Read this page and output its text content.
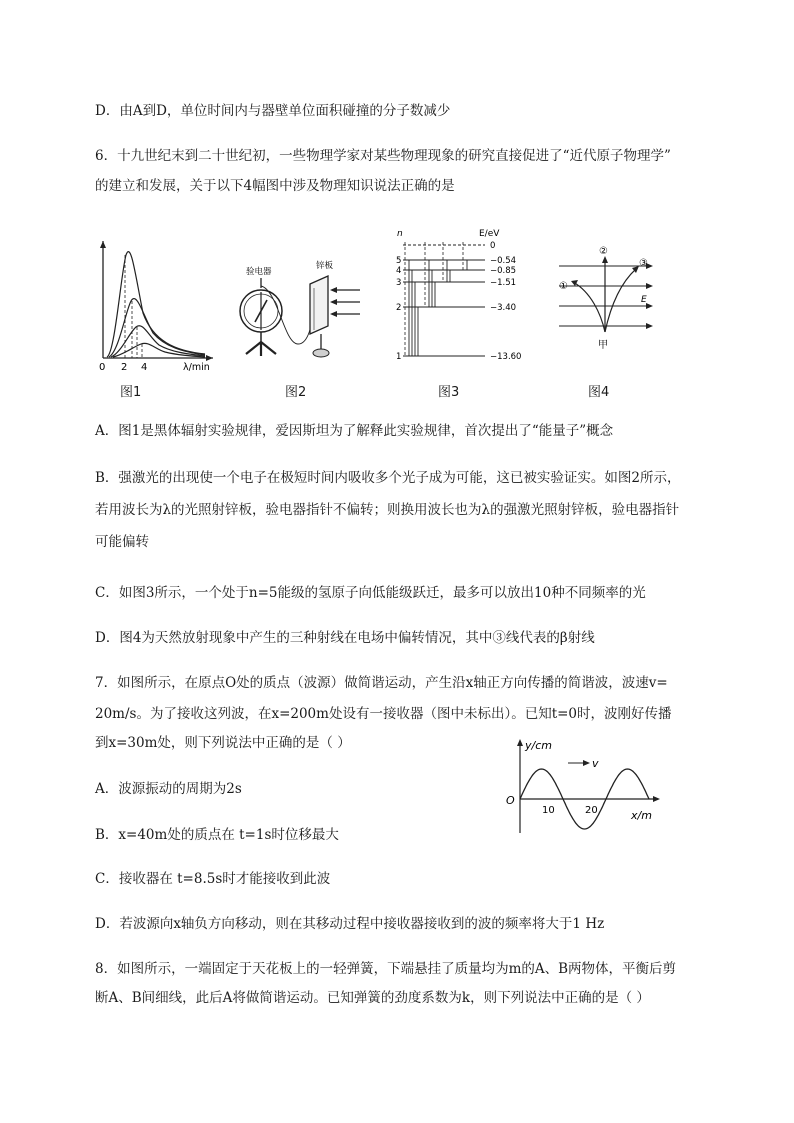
D．由A到D，单位时间内与器壁单位面积碰撞的分子数减少
6．十九世纪末到二十世纪初，一些物理学家对某些物理现象的研究直接促进了“近代原子物理学”
的建立和发展，关于以下4幅图中涉及物理知识说法正确的是
0 2 4	λ/min
图1
验电器
锌板
图2
n	E/eV
5
4
3
2
1
0
−0.54
−0.85
−1.51
−3.40
−13.60
图3
E
①
②
③
甲
图4
A．图1是黑体辐射实验规律，爱因斯坦为了解释此实验规律，首次提出了“能量子”概念
B．强激光的出现使一个电子在极短时间内吸收多个光子成为可能，这已被实验证实。如图2所示，
若用波长为λ的光照射锌板，验电器指针不偏转；则换用波长也为λ的强激光照射锌板，验电器指针
可能偏转
C．如图3所示，一个处于n=5能级的氢原子向低能级跃迁，最多可以放出10种不同频率的光
D．图4为天然放射现象中产生的三种射线在电场中偏转情况，其中③线代表的β射线
7．如图所示，在原点O处的质点（波源）做简谐运动，产生沿x轴正方向传播的简谐波，波速v=
20m/s。为了接收这列波，在x=200m处设有一接收器（图中未标出）。已知t=0时，波刚好传播
到x=30m处，则下列说法中正确的是（ ）	y/cm
x/m
O
10	20
v
A．波源振动的周期为2s
B．x=40m处的质点在 t=1s时位移最大
C．接收器在 t=8.5s时才能接收到此波
D．若波源向x轴负方向移动，则在其移动过程中接收器接收到的波的频率将大于1 Hz
8．如图所示，一端固定于天花板上的一轻弹簧，下端悬挂了质量均为m的A、B两物体，平衡后剪
断A、B间细线，此后A将做简谐运动。已知弹簧的劲度系数为k，则下列说法中正确的是（ ）
